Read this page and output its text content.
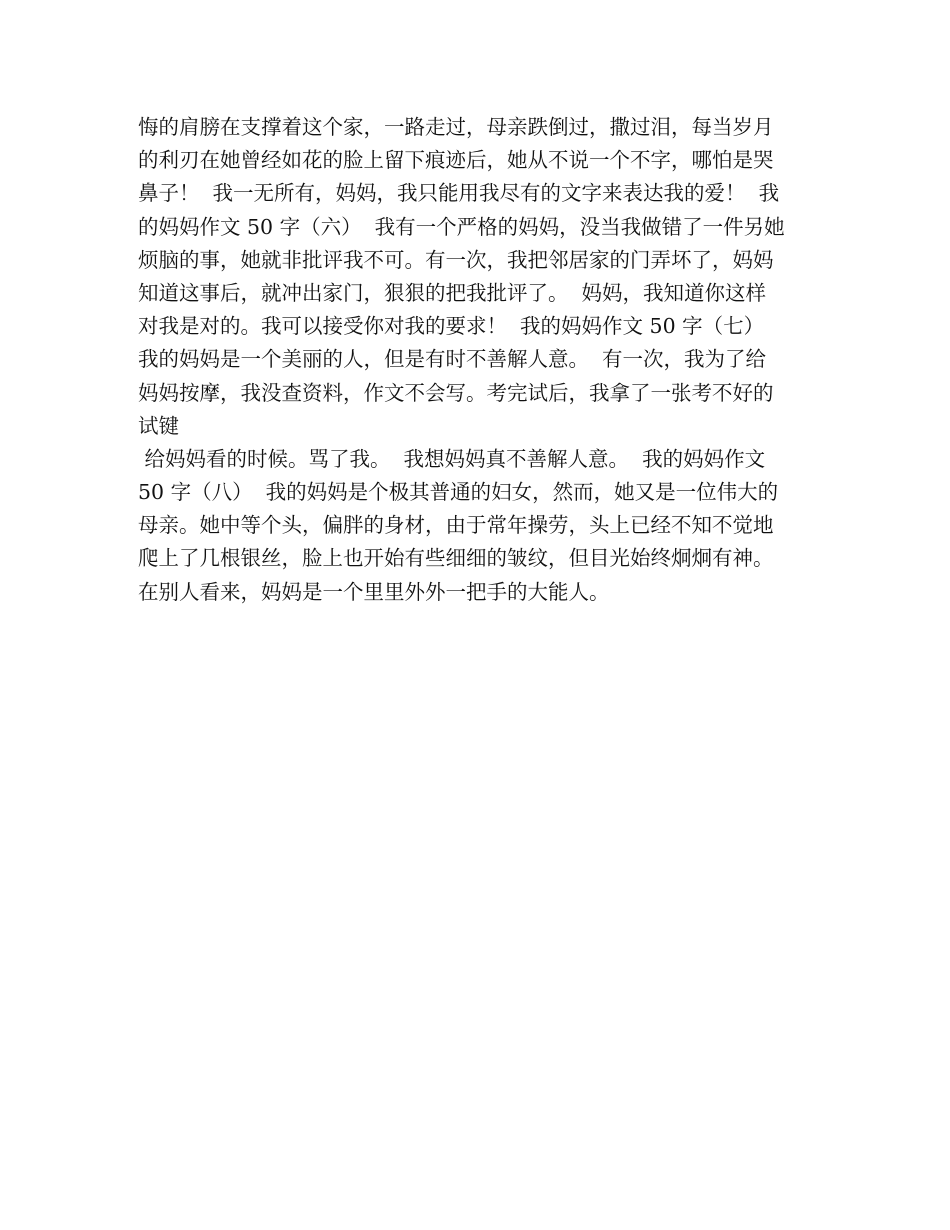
悔的肩膀在支撑着这个家，一路走过，母亲跌倒过，撒过泪，每当岁月
的利刃在她曾经如花的脸上留下痕迹后，她从不说一个不字，哪怕是哭
鼻子！  我一无所有，妈妈，我只能用我尽有的文字来表达我的爱！  我
的妈妈作文 50 字（六）  我有一个严格的妈妈，没当我做错了一件另她
烦脑的事，她就非批评我不可。有一次，我把邻居家的门弄坏了，妈妈
知道这事后，就冲出家门，狠狠的把我批评了。  妈妈，我知道你这样
对我是对的。我可以接受你对我的要求！  我的妈妈作文 50 字（七）
我的妈妈是一个美丽的人，但是有时不善解人意。  有一次，我为了给
妈妈按摩，我没查资料，作文不会写。考完试后，我拿了一张考不好的
试键
给妈妈看的时候。骂了我。  我想妈妈真不善解人意。  我的妈妈作文
50 字（八）  我的妈妈是个极其普通的妇女，然而，她又是一位伟大的
母亲。她中等个头，偏胖的身材，由于常年操劳，头上已经不知不觉地
爬上了几根银丝，脸上也开始有些细细的皱纹，但目光始终炯炯有神。
在别人看来，妈妈是一个里里外外一把手的大能人。
